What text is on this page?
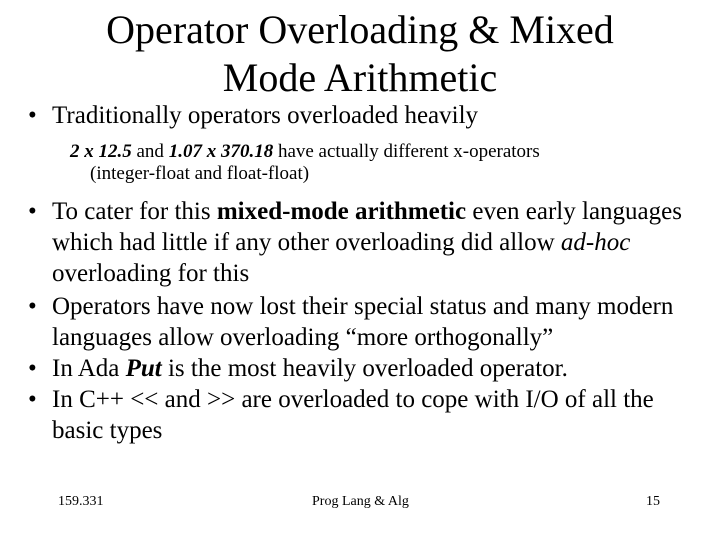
Operator Overloading & Mixed
Mode Arithmetic
• Traditionally operators overloaded heavily
2 x 12.5 and 1.07 x 370.18 have actually different x-operators
(integer-float and float-float)
• To cater for this mixed-mode arithmetic even early languages which had little if any other overloading did allow ad-hoc overloading for this
• Operators have now lost their special status and many modern languages allow overloading “more orthogonally”
• In Ada Put is the most heavily overloaded operator.
• In C++ << and >> are overloaded to cope with I/O of all the basic types
159.331	Prog Lang & Alg	15
